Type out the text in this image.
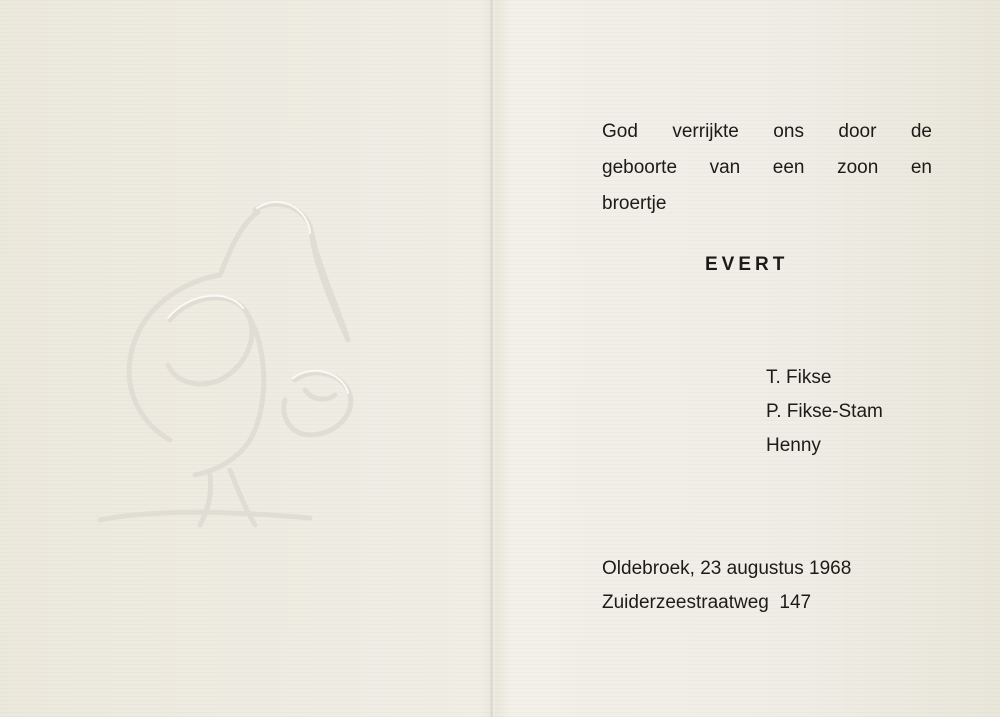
God verrijkte ons door de
geboorte van een zoon en
broertje
EVERT
T. Fikse
P. Fikse-Stam
Henny
Oldebroek, 23 augustus 1968
Zuiderzeestraatweg  147
